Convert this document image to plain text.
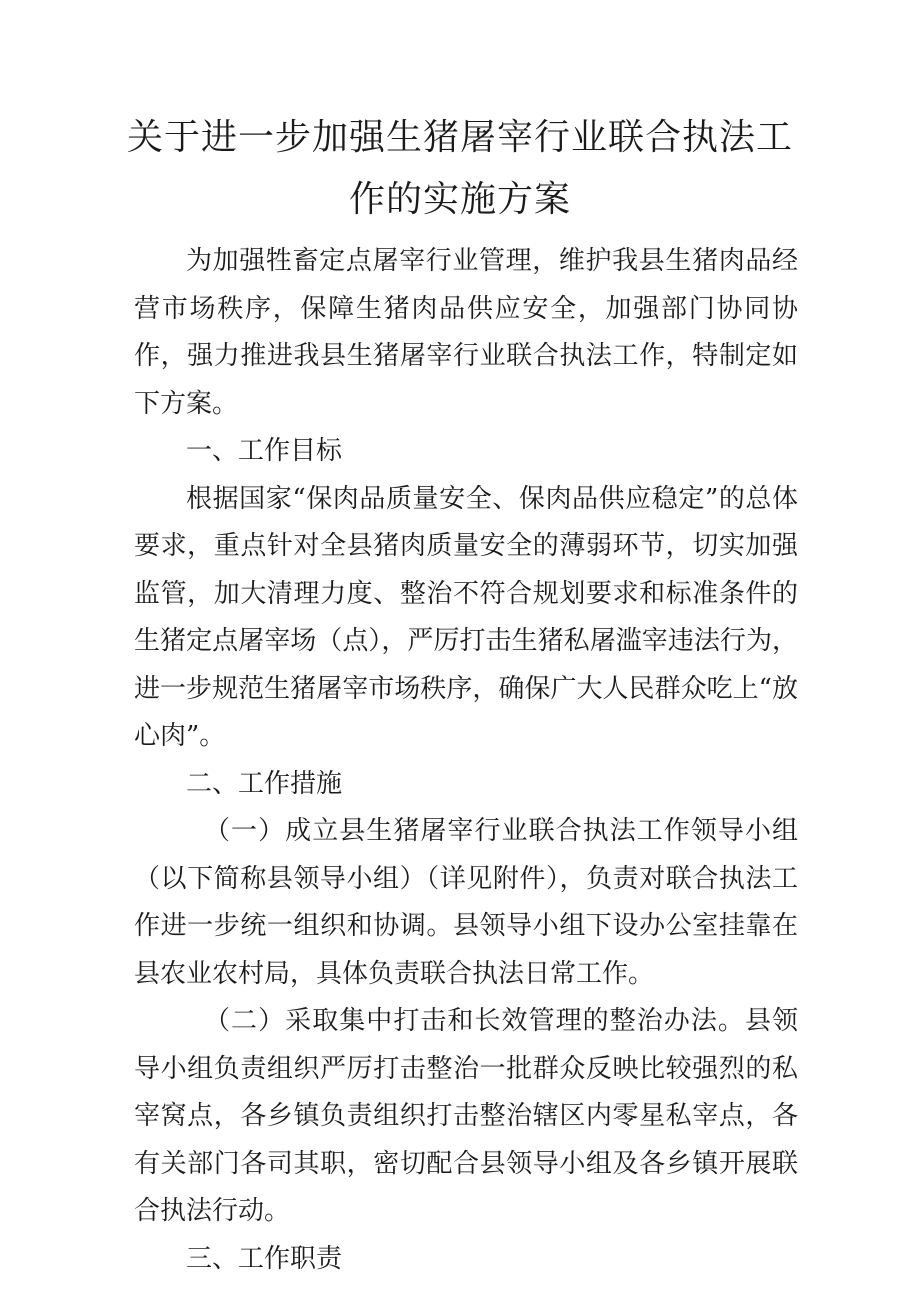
关于进一步加强生猪屠宰行业联合执法工
作的实施方案

为加强牲畜定点屠宰行业管理，维护我县生猪肉品经营市场秩序，保障生猪肉品供应安全，加强部门协同协作，强力推进我县生猪屠宰行业联合执法工作，特制定如下方案。

一、工作目标

根据国家“保肉品质量安全、保肉品供应稳定”的总体要求，重点针对全县猪肉质量安全的薄弱环节，切实加强监管，加大清理力度、整治不符合规划要求和标准条件的生猪定点屠宰场（点），严厉打击生猪私屠滥宰违法行为，进一步规范生猪屠宰市场秩序，确保广大人民群众吃上“放心肉”。

二、工作措施

（一）成立县生猪屠宰行业联合执法工作领导小组（以下简称县领导小组）（详见附件），负责对联合执法工作进一步统一组织和协调。县领导小组下设办公室挂靠在县农业农村局，具体负责联合执法日常工作。

（二）采取集中打击和长效管理的整治办法。县领导小组负责组织严厉打击整治一批群众反映比较强烈的私宰窝点，各乡镇负责组织打击整治辖区内零星私宰点，各有关部门各司其职，密切配合县领导小组及各乡镇开展联合执法行动。

三、工作职责
